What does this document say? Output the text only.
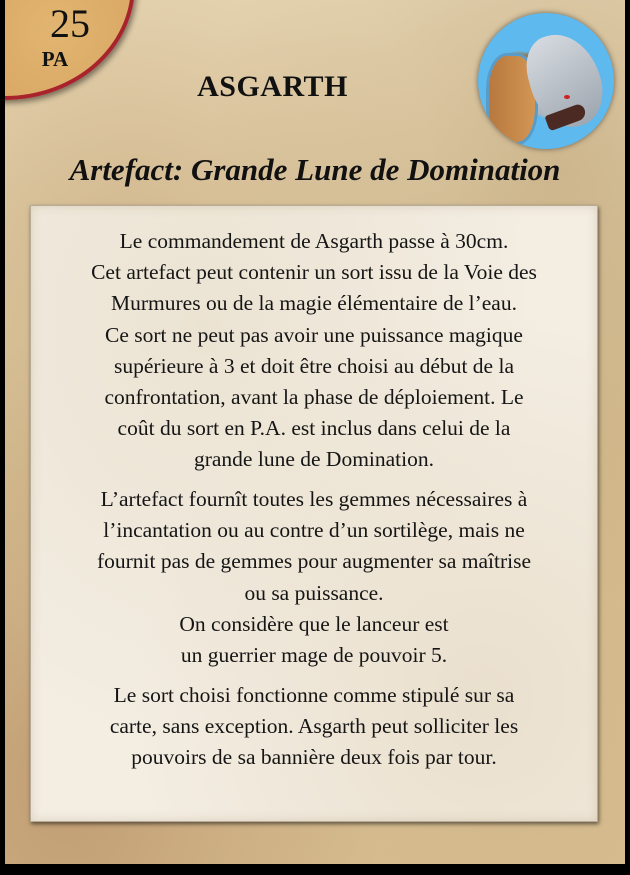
25
PA
ASGARTH
Artefact: Grande Lune de Domination

Le commandement de Asgarth passe à 30cm.
Cet artefact peut contenir un sort issu de la Voie des
Murmures ou de la magie élémentaire de l’eau.
Ce sort ne peut pas avoir une puissance magique
supérieure à 3 et doit être choisi au début de la
confrontation, avant la phase de déploiement. Le
coût du sort en P.A. est inclus dans celui de la
grande lune de Domination.

L’artefact fournît toutes les gemmes nécessaires à
l’incantation ou au contre d’un sortilège, mais ne
fournit pas de gemmes pour augmenter sa maîtrise
ou sa puissance.
On considère que le lanceur est
un guerrier mage de pouvoir 5.

Le sort choisi fonctionne comme stipulé sur sa
carte, sans exception. Asgarth peut solliciter les
pouvoirs de sa bannière deux fois par tour.
